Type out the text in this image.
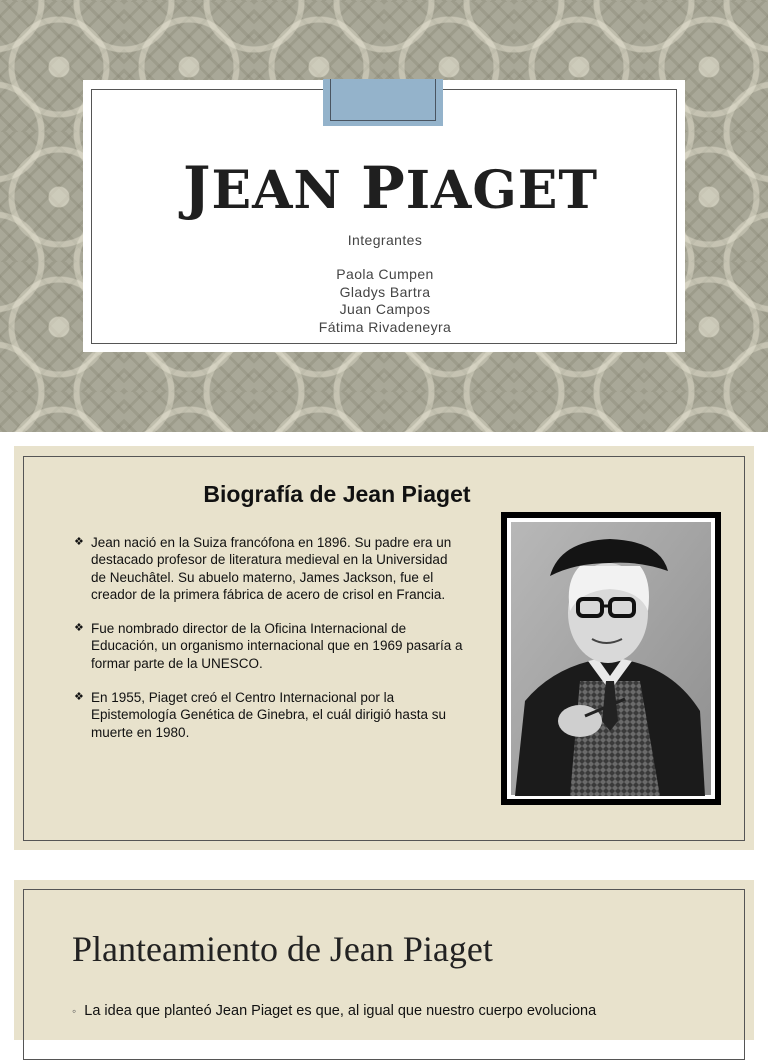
JEAN PIAGET
Integrantes
Paola Cumpen
Gladys Bartra
Juan Campos
Fátima Rivadeneyra
Biografía de Jean Piaget
❖ Jean nació en la Suiza francófona en 1896. Su padre era un destacado profesor de literatura medieval en la Universidad de Neuchâtel. Su abuelo materno, James Jackson, fue el creador de la primera fábrica de acero de crisol en Francia.
❖ Fue nombrado director de la Oficina Internacional de Educación, un organismo internacional que en 1969 pasaría a formar parte de la UNESCO.
❖ En 1955, Piaget creó el Centro Internacional por la Epistemología Genética de Ginebra, el cuál dirigió hasta su muerte en 1980.
Planteamiento de Jean Piaget
◦ La idea que planteó Jean Piaget es que, al igual que nuestro cuerpo evoluciona
